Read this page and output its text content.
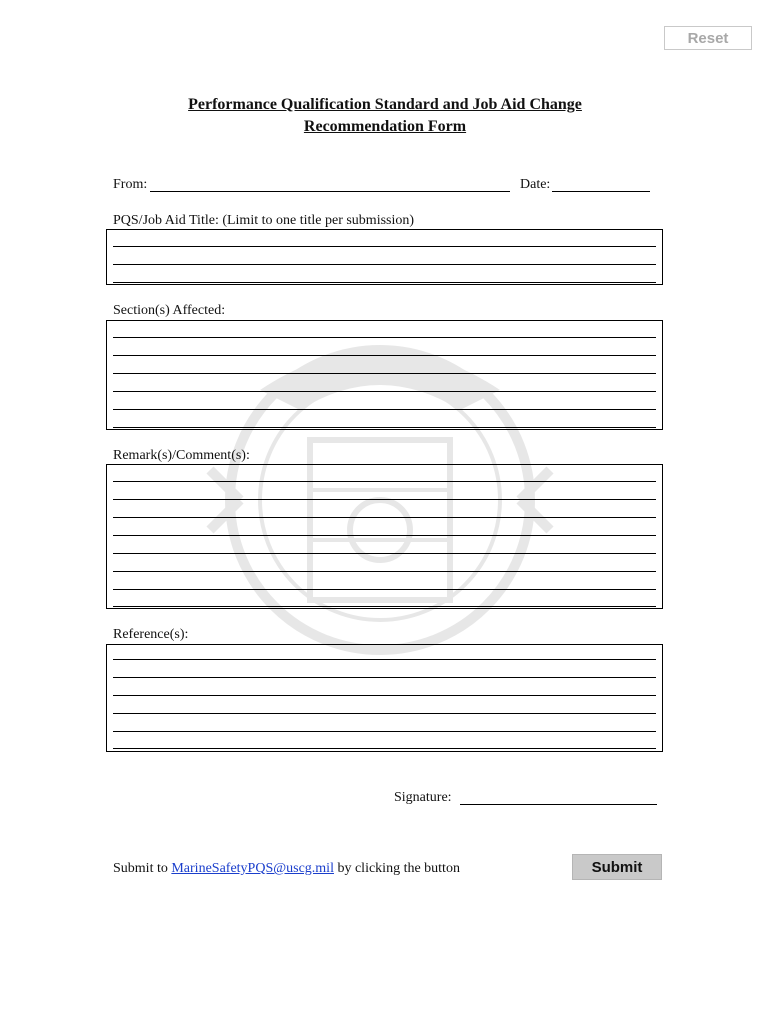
Reset
Performance Qualification Standard and Job Aid Change
Recommendation Form
From:	Date:
PQS/Job Aid Title: (Limit to one title per submission)
Section(s) Affected:
Remark(s)/Comment(s):
Reference(s):
Signature:
Submit to MarineSafetyPQS@uscg.mil by clicking the button	Submit
